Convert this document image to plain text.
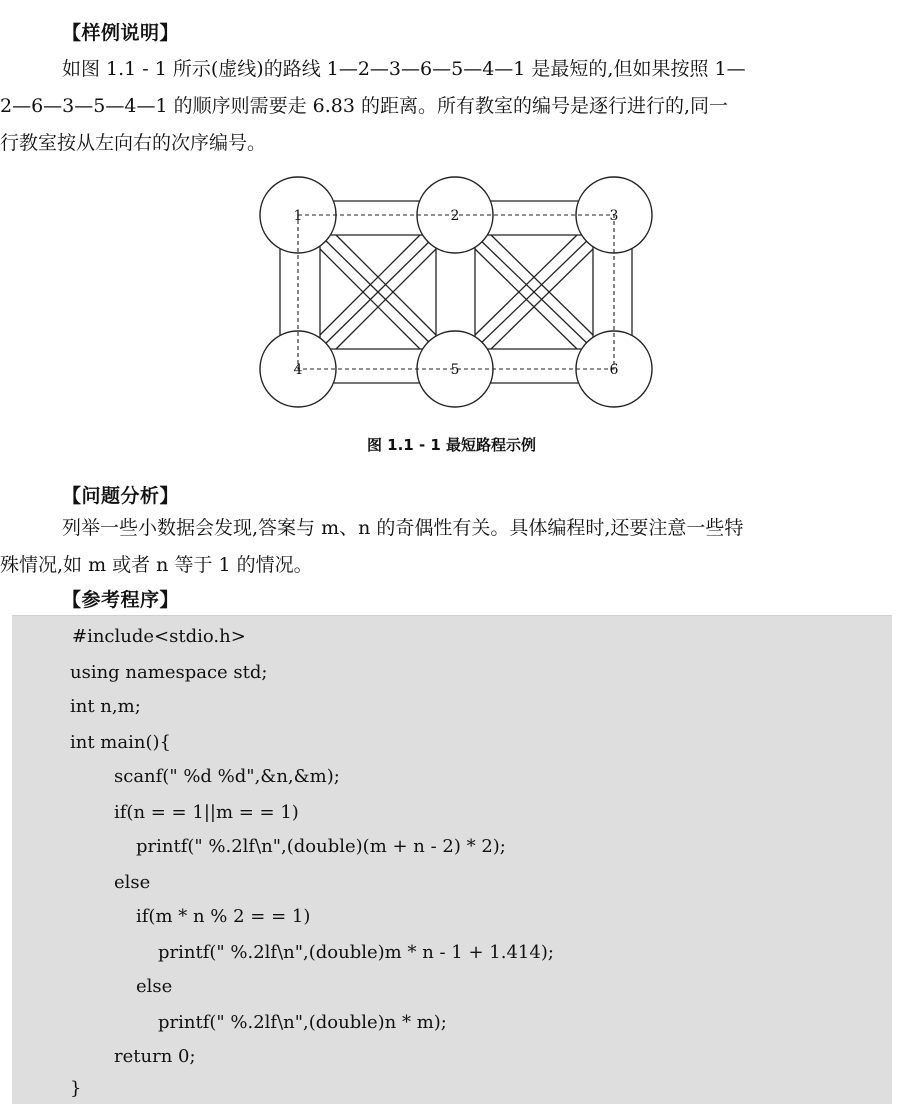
【样例说明】
如图 1.1 - 1 所示(虚线)的路线 1—2—3—6—5—4—1 是最短的,但如果按照 1—
2—6—3—5—4—1 的顺序则需要走 6.83 的距离。所有教室的编号是逐行进行的,同一
行教室按从左向右的次序编号。
1	2	3
4	5	6
图 1.1 - 1 最短路程示例
【问题分析】
列举一些小数据会发现,答案与 m、n 的奇偶性有关。具体编程时,还要注意一些特
殊情况,如 m 或者 n 等于 1 的情况。
【参考程序】
#include<stdio.h>
using namespace std;
int n,m;
int main(){
scanf(" %d %d",&n,&m);
if(n = = 1||m = = 1)
printf(" %.2lf\n",(double)(m + n - 2) * 2);
else
if(m * n % 2 = = 1)
printf(" %.2lf\n",(double)m * n - 1 + 1.414);
else
printf(" %.2lf\n",(double)n * m);
return 0;
}
